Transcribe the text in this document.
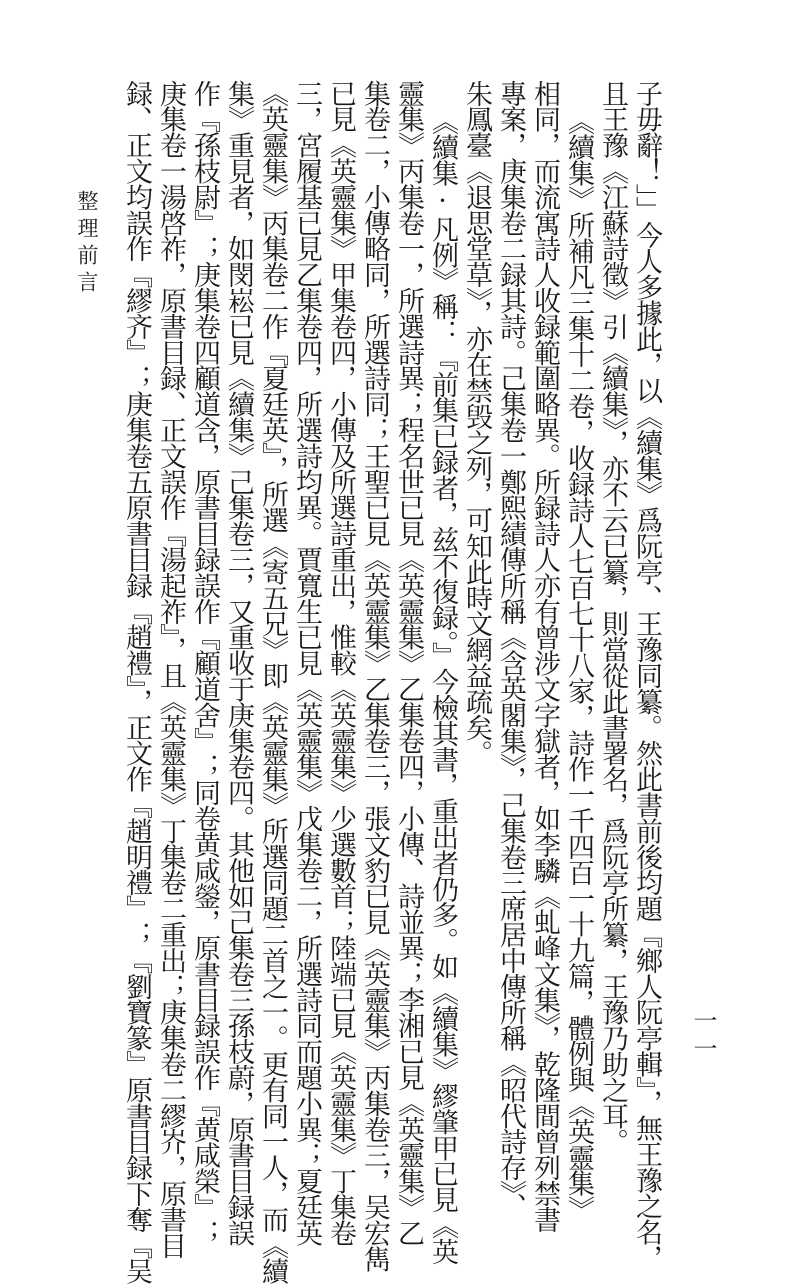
子毋辭！」」今人多據此，以《續集》爲阮亭、王豫同纂。然此書前後均題『鄉人阮亭輯』，無王豫之名，
且王豫《江蘇詩徵》引《續集》，亦不云已纂，則當從此書署名，爲阮亭所纂，王豫乃助之耳。
《續集》所補凡三集十二卷，收録詩人七百七十八家，詩作一千四百一十九篇，體例與《英靈集》
相同，而流寓詩人收録範圍略異。所録詩人亦有曾涉文字獄者，如李驎《虬峰文集》，乾隆間曾列禁書
專案，庚集卷二録其詩。己集卷一鄭熙績傳所稱《含英閣集》，己集卷三席居中傳所稱《昭代詩存》、
朱鳳臺《退思堂草》，亦在禁毁之列，可知此時文網益疏矣。
《續集·凡例》稱：『前集已録者，兹不復録。』今檢其書，重出者仍多。如《續集》繆肇甲已見《英
靈集》丙集卷一，所選詩異；程名世已見《英靈集》乙集卷四，小傳、詩並異；李湘已見《英靈集》乙
集卷二，小傳略同，所選詩同；王聖已見《英靈集》乙集卷三，張文豹已見《英靈集》丙集卷三，吴宏雋
已見《英靈集》甲集卷四，小傳及所選詩重出，惟較《英靈集》少選數首；陸端已見《英靈集》丁集卷
三，宮履基已見乙集卷四，所選詩均異。賈寬生已見《英靈集》戊集卷二，所選詩同而題小異；夏廷英
《英靈集》丙集卷二作『夏廷英』，所選《寄五兄》即《英靈集》所選同題二首之一。更有同一人，而《續
集》重見者，如閔崧已見《續集》己集卷三，又重收于庚集卷四。其他如己集卷三孫枝蔚，原書目録誤
作『孫枝尉』；庚集卷四顧道含，原書目録誤作『顧道舍』；同卷黄咸鎣，原書目録誤作『黄咸榮』；
庚集卷一湯啓祚，原書目録、正文誤作『湯起祚』，且《英靈集》丁集卷二重出；庚集卷二繆岕，原書目
録、正文均誤作『繆齐』；庚集卷五原書目録『趙禮』，正文作『趙明禮』；『劉寶篆』原書目録下奪『吴
整理前言
一一
